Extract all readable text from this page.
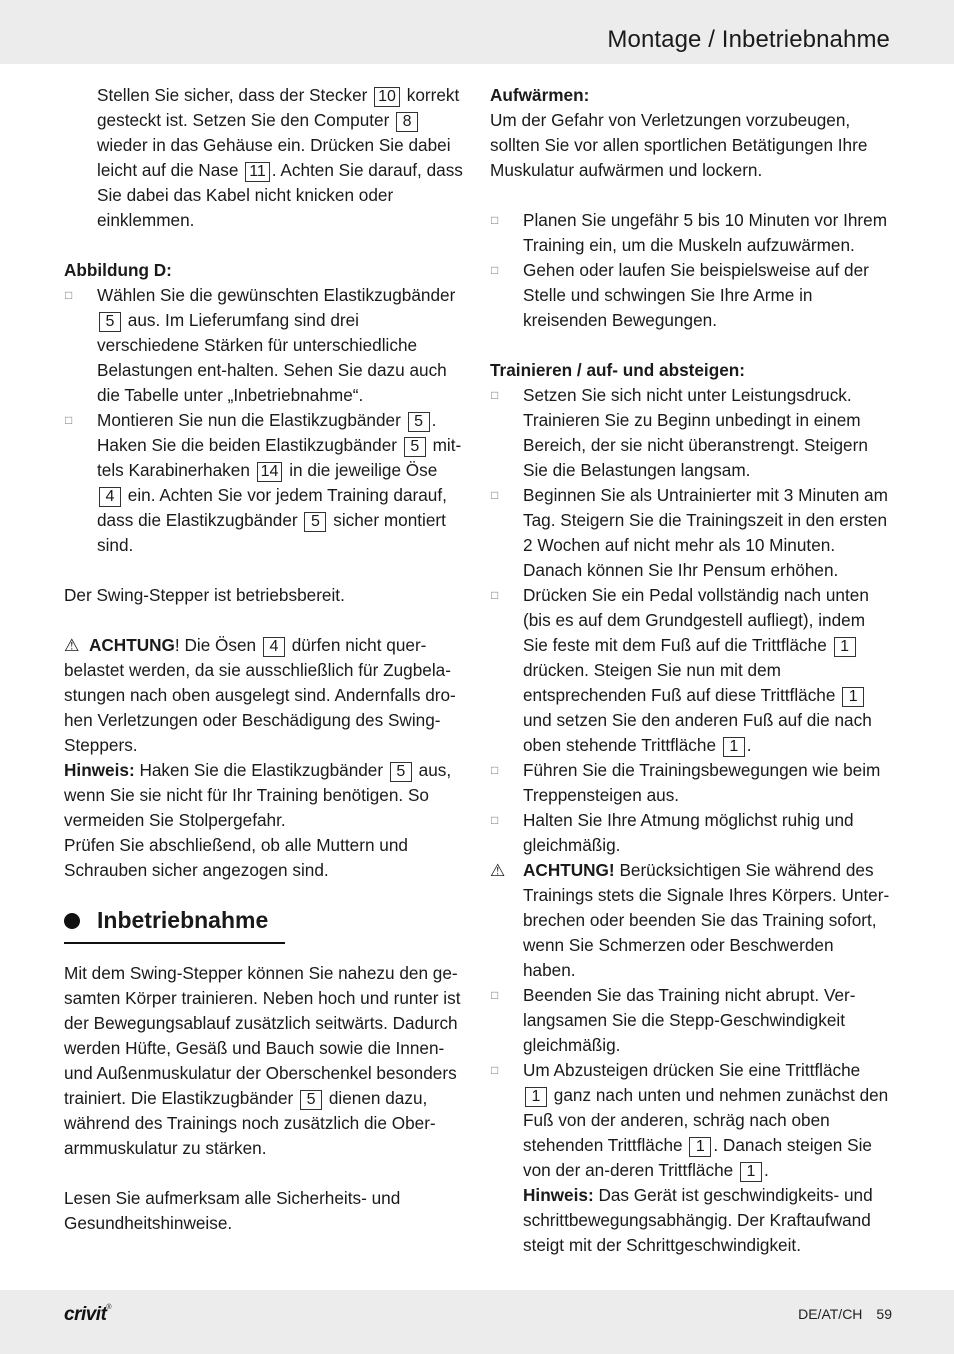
Montage / Inbetriebnahme

Stellen Sie sicher, dass der Stecker 10 korrekt gesteckt ist. Setzen Sie den Computer 8 wieder in das Gehäuse ein. Drücken Sie dabei leicht auf die Nase 11 . Achten Sie darauf, dass Sie dabei das Kabel nicht knicken oder einklemmen.

Abbildung D:

□ Wählen Sie die gewünschten Elastikzugbänder 5 aus. Im Lieferumfang sind drei verschiedene Stärken für unterschiedliche Belastungen ent-halten. Sehen Sie dazu auch die Tabelle unter „Inbetriebnahme“.
□ Montieren Sie nun die Elastikzugbänder 5 . Haken Sie die beiden Elastikzugbänder 5 mit-tels Karabinerhaken 14 in die jeweilige Öse 4 ein. Achten Sie vor jedem Training darauf, dass die Elastikzugbänder 5 sicher montiert sind.

Der Swing-Stepper ist betriebsbereit.

⚠ ACHTUNG! Die Ösen 4 dürfen nicht quer-belastet werden, da sie ausschließlich für Zugbela-stungen nach oben ausgelegt sind. Andernfalls dro-hen Verletzungen oder Beschädigung des Swing-Steppers.

Hinweis: Haken Sie die Elastikzugbänder 5 aus, wenn Sie sie nicht für Ihr Training benötigen. So vermeiden Sie Stolpergefahr.

Prüfen Sie abschließend, ob alle Muttern und Schrauben sicher angezogen sind.

Inbetriebnahme

Mit dem Swing-Stepper können Sie nahezu den ge-samten Körper trainieren. Neben hoch und runter ist der Bewegungsablauf zusätzlich seitwärts. Dadurch werden Hüfte, Gesäß und Bauch sowie die Innen- und Außenmuskulatur der Oberschenkel besonders trainiert. Die Elastikzugbänder 5 dienen dazu, während des Trainings noch zusätzlich die Ober-armmuskulatur zu stärken.

Lesen Sie aufmerksam alle Sicherheits- und Gesundheitshinweise.

Aufwärmen:

Um der Gefahr von Verletzungen vorzubeugen, sollten Sie vor allen sportlichen Betätigungen Ihre Muskulatur aufwärmen und lockern.

□ Planen Sie ungefähr 5 bis 10 Minuten vor Ihrem Training ein, um die Muskeln aufzuwärmen.
□ Gehen oder laufen Sie beispielsweise auf der Stelle und schwingen Sie Ihre Arme in kreisenden Bewegungen.

Trainieren / auf- und absteigen:

□ Setzen Sie sich nicht unter Leistungsdruck. Trainieren Sie zu Beginn unbedingt in einem Bereich, der sie nicht überanstrengt. Steigern Sie die Belastungen langsam.
□ Beginnen Sie als Untrainierter mit 3 Minuten am Tag. Steigern Sie die Trainingszeit in den ersten 2 Wochen auf nicht mehr als 10 Minuten. Danach können Sie Ihr Pensum erhöhen.
□ Drücken Sie ein Pedal vollständig nach unten (bis es auf dem Grundgestell aufliegt), indem Sie feste mit dem Fuß auf die Trittfläche 1 drücken. Steigen Sie nun mit dem entsprechenden Fuß auf diese Trittfläche 1 und setzen Sie den anderen Fuß auf die nach oben stehende Trittfläche 1 .
□ Führen Sie die Trainingsbewegungen wie beim Treppensteigen aus.
□ Halten Sie Ihre Atmung möglichst ruhig und gleichmäßig.
⚠ ACHTUNG! Berücksichtigen Sie während des Trainings stets die Signale Ihres Körpers. Unter-brechen oder beenden Sie das Training sofort, wenn Sie Schmerzen oder Beschwerden haben.
□ Beenden Sie das Training nicht abrupt. Ver-langsamen Sie die Stepp-Geschwindigkeit gleichmäßig.
□ Um Abzusteigen drücken Sie eine Trittfläche 1 ganz nach unten und nehmen zunächst den Fuß von der anderen, schräg nach oben stehenden Trittfläche 1 . Danach steigen Sie von der an-deren Trittfläche 1 .
Hinweis: Das Gerät ist geschwindigkeits- und schrittbewegungsabhängig. Der Kraftaufwand steigt mit der Schrittgeschwindigkeit.
crivit®	DE/AT/CH 59
